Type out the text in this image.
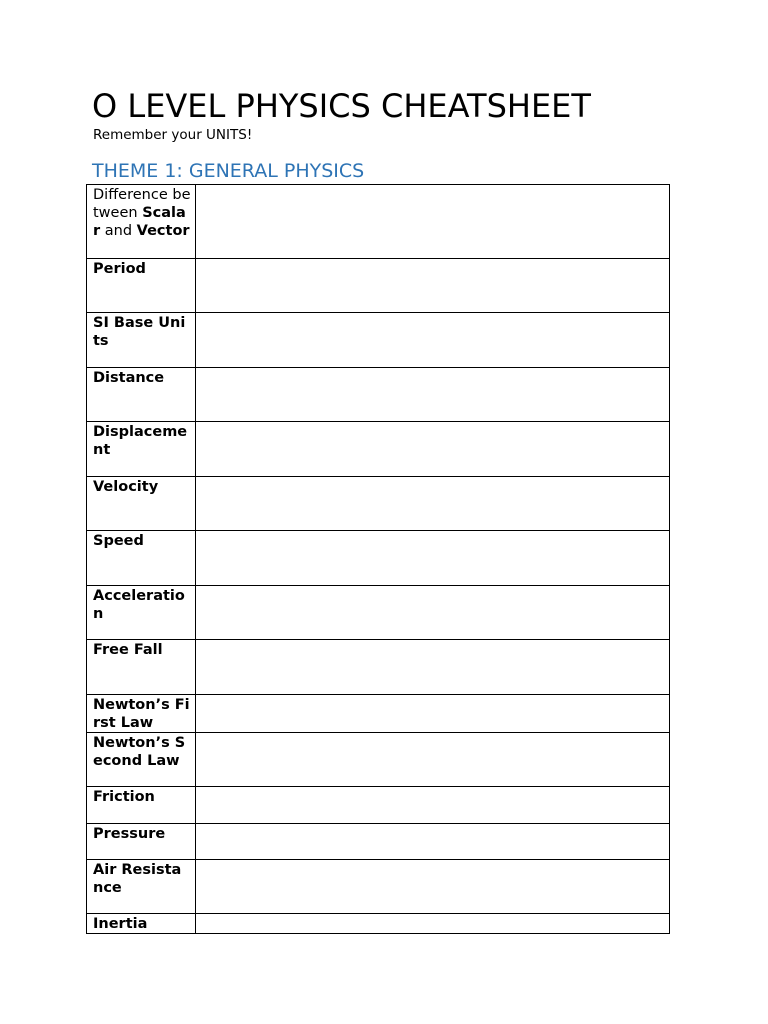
O LEVEL PHYSICS CHEATSHEET

Remember your UNITS!

THEME 1: GENERAL PHYSICS
Difference between Scalar and Vector	
Period	
SI Base Units	
Distance	
Displacement	
Velocity	
Speed	
Acceleration	
Free Fall	
Newton’s First Law	
Newton’s Second Law	
Friction	
Pressure	
Air Resistance	
Inertia	
